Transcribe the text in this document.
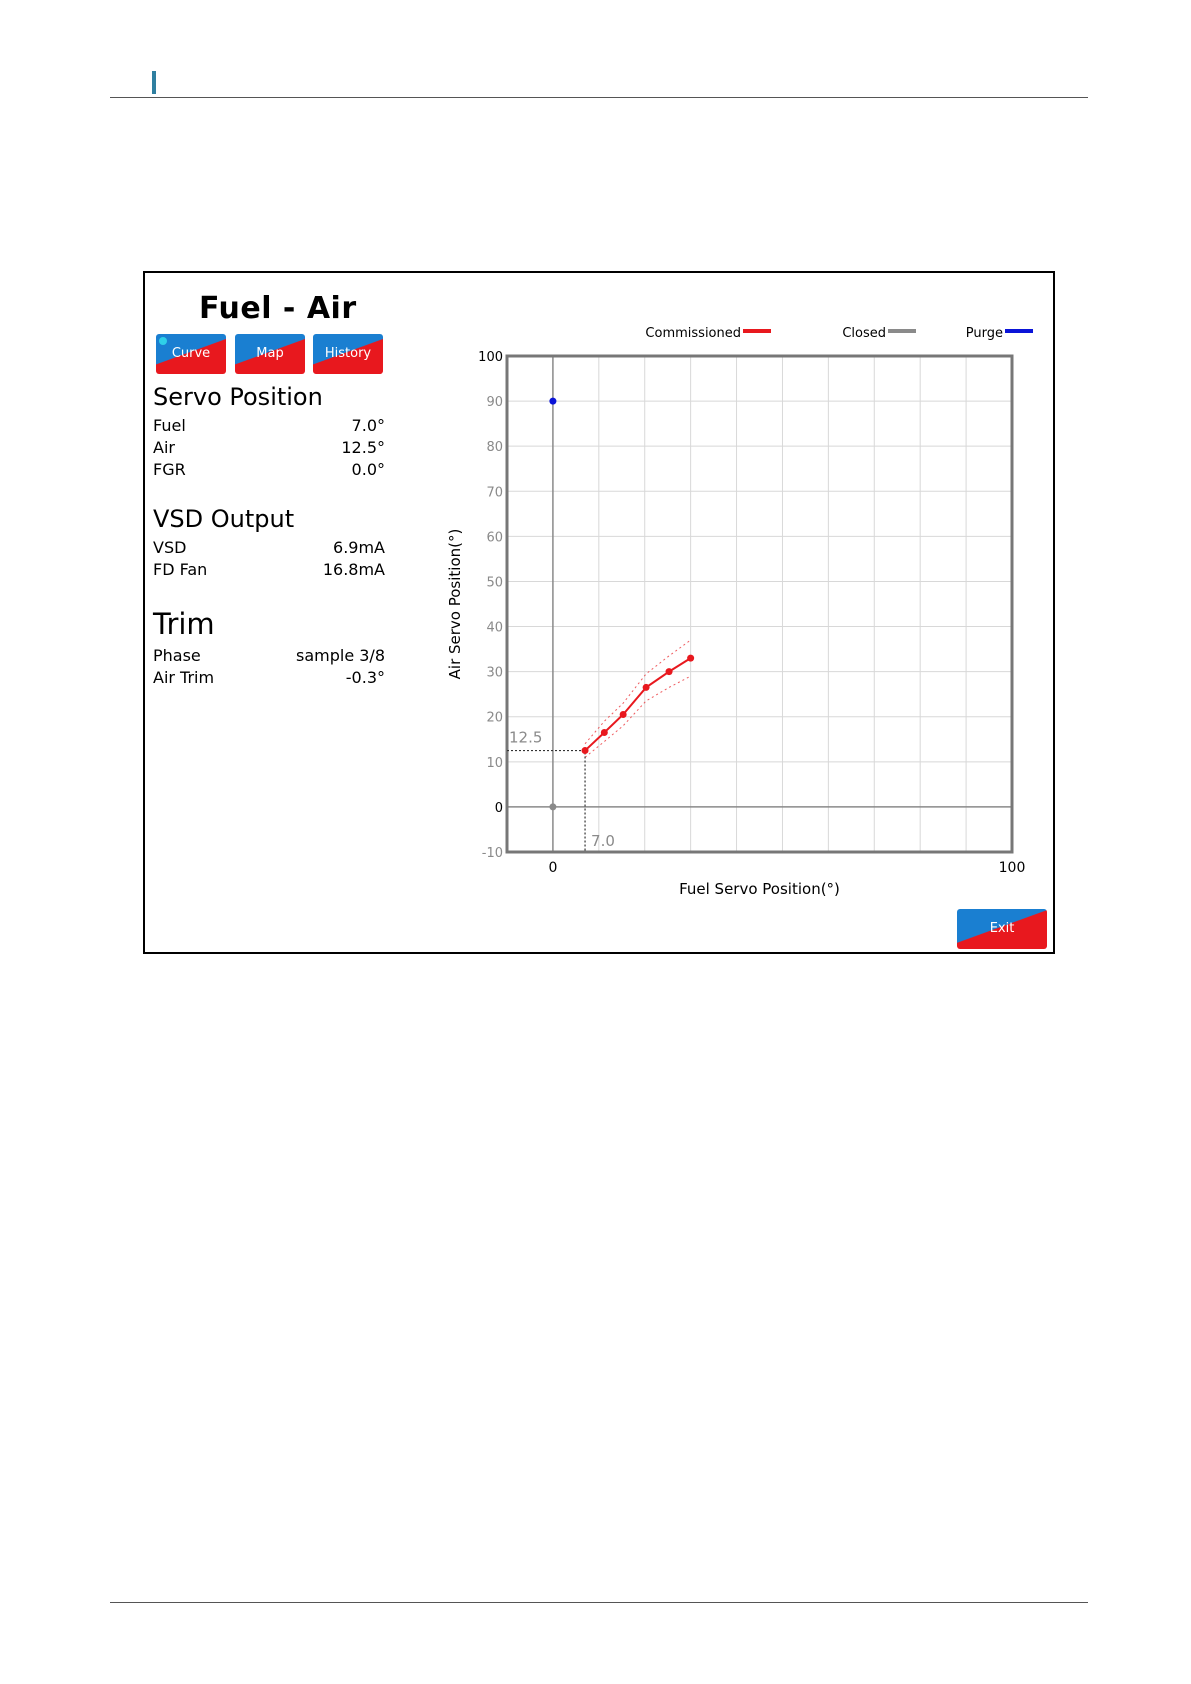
Fuel - Air
Curve	Map	History
Servo Position
Fuel	7.0°
Air	12.5°
FGR	0.0°
VSD Output
VSD	6.9mA
FD Fan	16.8mA
Trim
Phase	sample 3/8
Air Trim	-0.3°
-10
0
10
20
30
40
50
60
70
80
90
100
0	100
Fuel Servo Position(°)
Air Servo Position(°)
Commissioned	Closed	Purge
12.5
7.0
Exit
